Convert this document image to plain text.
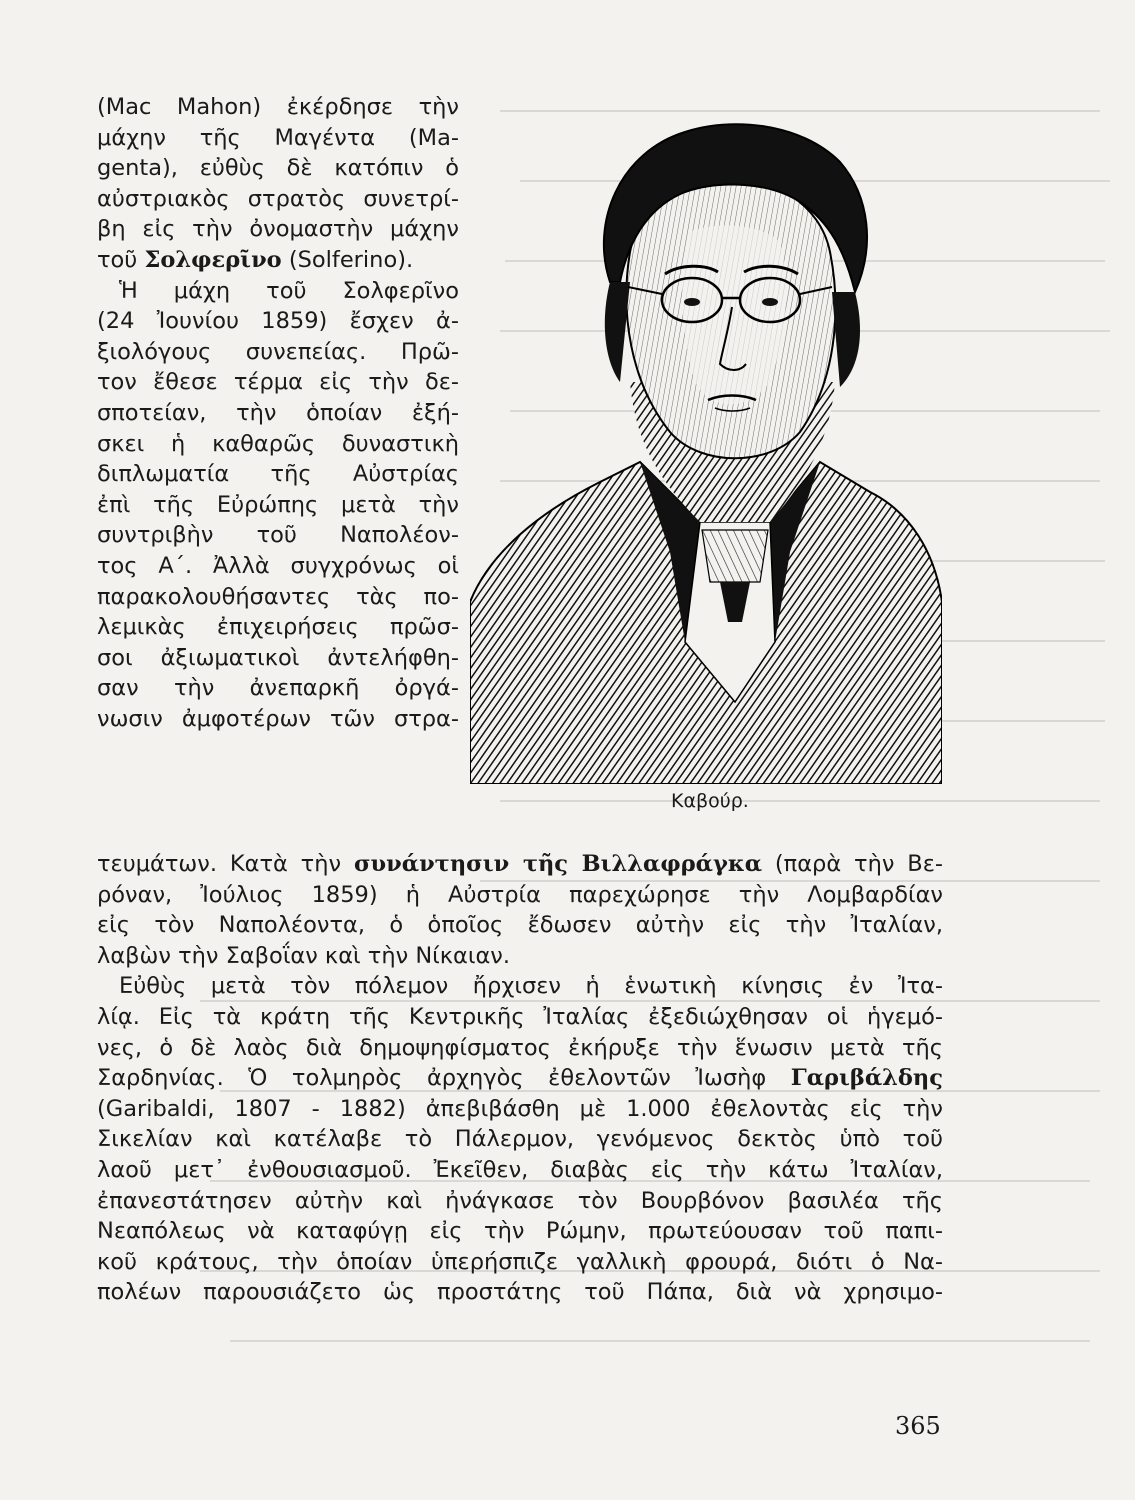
(Mac Mahon) ἐκέρδησε τὴν
μάχην τῆς Μαγέντα (Ma-
genta), εὐθὺς δὲ κατόπιν ὁ
αὐστριακὸς στρατὸς συνετρί-
βη εἰς τὴν ὀνομαστὴν μάχην
τοῦ Σολφερῖνο (Solferino).
Ἡ μάχη τοῦ Σολφερῖνο
(24 Ἰουνίου 1859) ἔσχεν ἀ-
ξιολόγους συνεπείας. Πρῶ-
τον ἔθεσε τέρμα εἰς τὴν δε-
σποτείαν, τὴν ὁποίαν ἐξή-
σκει ἡ καθαρῶς δυναστικὴ
διπλωματία τῆς Αὐστρίας
ἐπὶ τῆς Εὐρώπης μετὰ τὴν
συντριβὴν τοῦ Ναπολέον-
τος Α΄. Ἀλλὰ συγχρόνως οἱ
παρακολουθήσαντες τὰς πο-
λεμικὰς ἐπιχειρήσεις πρῶσ-
σοι ἀξιωματικοὶ ἀντελήφθη-
σαν τὴν ἀνεπαρκῆ ὀργά-
νωσιν ἀμφοτέρων τῶν στρα-
τευμάτων. Κατὰ τὴν συνάντησιν τῆς Βιλλαφράγκα (παρὰ τὴν Βε-
ρόναν, Ἰούλιος 1859) ἡ Αὐστρία παρεχώρησε τὴν Λομβαρδίαν
εἰς τὸν Ναπολέοντα, ὁ ὁποῖος ἔδωσεν αὐτὴν εἰς τὴν Ἰταλίαν,
λαβὼν τὴν Σαβοΐαν καὶ τὴν Νίκαιαν.
Εὐθὺς μετὰ τὸν πόλεμον ἤρχισεν ἡ ἑνωτικὴ κίνησις ἐν Ἰτα-
λίᾳ. Εἰς τὰ κράτη τῆς Κεντρικῆς Ἰταλίας ἐξεδιώχθησαν οἱ ἡγεμό-
νες, ὁ δὲ λαὸς διὰ δημοψηφίσματος ἐκήρυξε τὴν ἕνωσιν μετὰ τῆς
Σαρδηνίας. Ὁ τολμηρὸς ἀρχηγὸς ἐθελοντῶν Ἰωσὴφ Γαριβάλδης
(Garibaldi, 1807 - 1882) ἀπεβιβάσθη μὲ 1.000 ἐθελοντὰς εἰς τὴν
Σικελίαν καὶ κατέλαβε τὸ Πάλερμον, γενόμενος δεκτὸς ὑπὸ τοῦ
λαοῦ μετ᾽ ἐνθουσιασμοῦ. Ἐκεῖθεν, διαβὰς εἰς τὴν κάτω Ἰταλίαν,
ἐπανεστάτησεν αὐτὴν καὶ ἠνάγκασε τὸν Βουρβόνον βασιλέα τῆς
Νεαπόλεως νὰ καταφύγῃ εἰς τὴν Ρώμην, πρωτεύουσαν τοῦ παπι-
κοῦ κράτους, τὴν ὁποίαν ὑπερήσπιζε γαλλικὴ φρουρά, διότι ὁ Να-
πολέων παρουσιάζετο ὡς προστάτης τοῦ Πάπα, διὰ νὰ χρησιμο-
Καβούρ.
365
